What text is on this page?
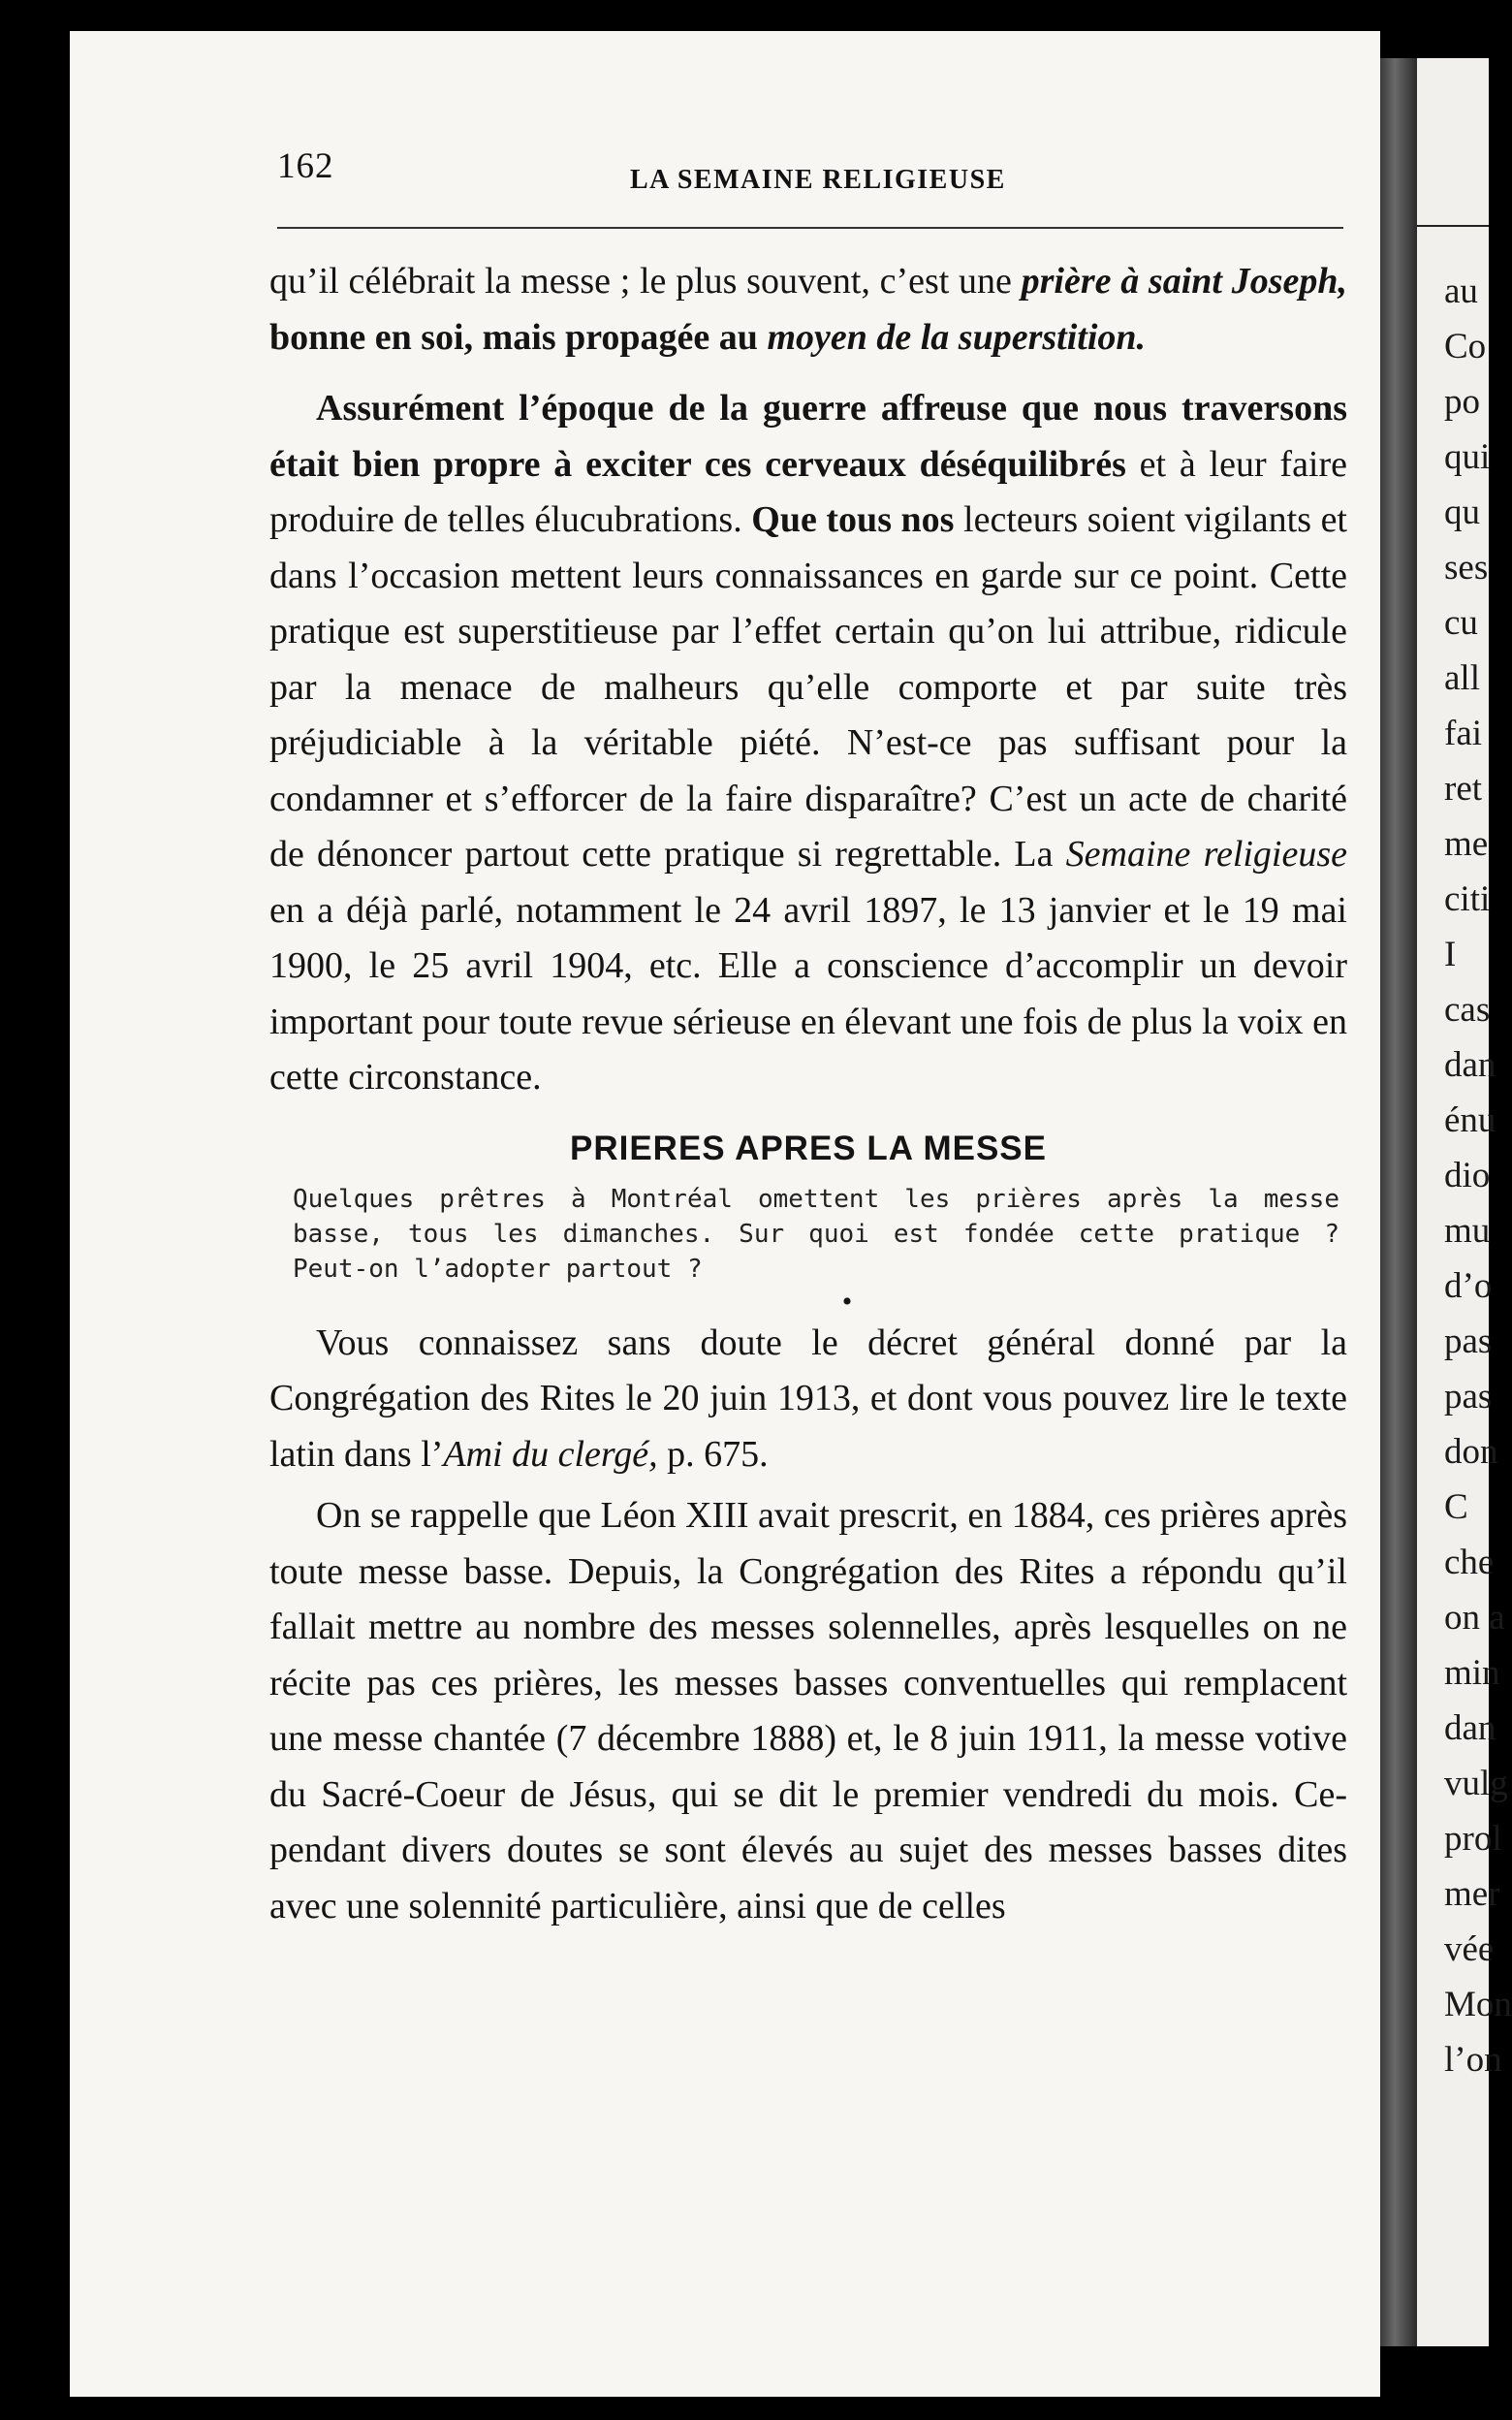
au
Co
po
qui
qu
ses
cu
all
fai
ret
me
citi
I
cas
dan
énu
dio
mu
d’o
pas
pas
don
C
che
on a
min
dan
vulg
prol
mer
vée
Mon
l’on
162	LA SEMAINE RELIGIEUSE

qu’il célébrait la messe ; le plus souvent, c’est une prière à saint Joseph, bonne en soi, mais propagée au moyen de la superstition.

Assurément l’époque de la guerre affreuse que nous traversons était bien propre à exciter ces cerveaux déséquilibrés et à leur faire produire de telles élucubrations. Que tous nos lecteurs soient vigilants et dans l’occasion mettent leurs connaissances en garde sur ce point. Cette pratique est superstitieuse par l’effet certain qu’on lui attribue, ridicule par la menace de malheurs qu’elle comporte et par suite très préjudiciable à la véritable piété. N’est-ce pas suffisant pour la condamner et s’efforcer de la faire disparaître? C’est un acte de charité de dénoncer partout cette pratique si regrettable. La Semaine religieuse en a déjà parlé, notamment le 24 avril 1897, le 13 janvier et le 19 mai 1900, le 25 avril 1904, etc. Elle a conscience d’accomplir un devoir important pour toute revue sérieuse en élevant une fois de plus la voix en cette circonstance.

PRIERES APRES LA MESSE
Quelques prêtres à Montréal omettent les prières après la messe basse, tous les dimanches. Sur quoi est fondée cette pratique ? Peut-on l’adopter partout ?
•

Vous connaissez sans doute le décret général donné par la Congrégation des Rites le 20 juin 1913, et dont vous pouvez lire le texte latin dans l’Ami du clergé, p. 675.

On se rappelle que Léon XIII avait prescrit, en 1884, ces prières après toute messe basse. Depuis, la Congrégation des Rites a répondu qu’il fallait mettre au nombre des messes solennelles, après lesquelles on ne récite pas ces prières, les messes basses conventuelles qui remplacent une messe chantée (7 décembre 1888) et, le 8 juin 1911, la messe votive du Sacré-Coeur de Jésus, qui se dit le premier vendredi du mois. Cependant divers doutes se sont élevés au sujet des messes basses dites avec une solennité particulière, ainsi que de celles
